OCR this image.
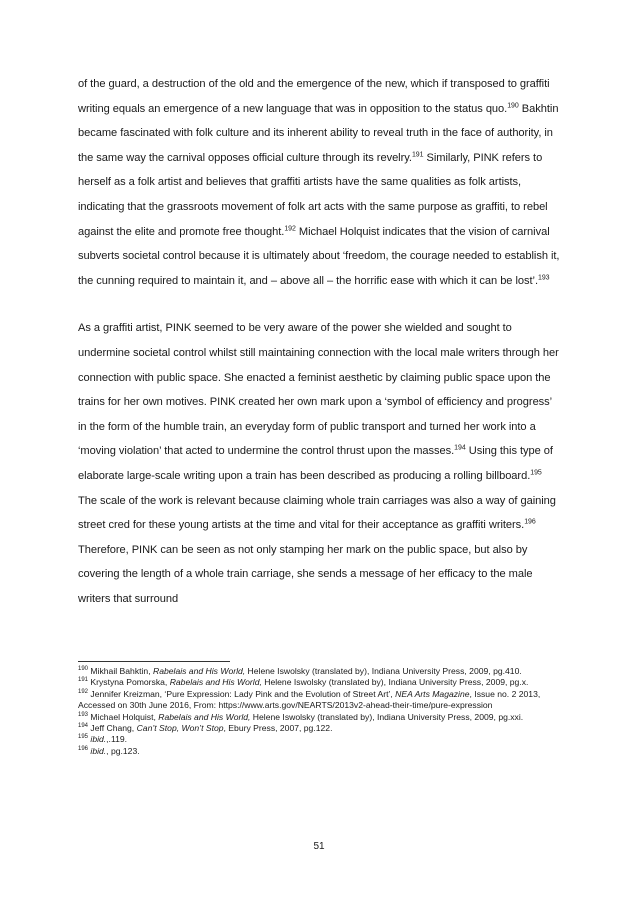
of the guard, a destruction of the old and the emergence of the new, which if transposed to graffiti writing equals an emergence of a new language that was in opposition to the status quo.$^{190}$ Bakhtin became fascinated with folk culture and its inherent ability to reveal truth in the face of authority, in the same way the carnival opposes official culture through its revelry.$^{191}$ Similarly, PINK refers to herself as a folk artist and believes that graffiti artists have the same qualities as folk artists, indicating that the grassroots movement of folk art acts with the same purpose as graffiti, to rebel against the elite and promote free thought.$^{192}$ Michael Holquist indicates that the vision of carnival subverts societal control because it is ultimately about ‘freedom, the courage needed to establish it, the cunning required to maintain it, and – above all – the horrific ease with which it can be lost’.$^{193}$

As a graffiti artist, PINK seemed to be very aware of the power she wielded and sought to undermine societal control whilst still maintaining connection with the local male writers through her connection with public space. She enacted a feminist aesthetic by claiming public space upon the trains for her own motives. PINK created her own mark upon a ‘symbol of efficiency and progress’ in the form of the humble train, an everyday form of public transport and turned her work into a ‘moving violation’ that acted to undermine the control thrust upon the masses.$^{194}$ Using this type of elaborate large-scale writing upon a train has been described as producing a rolling billboard.$^{195}$ The scale of the work is relevant because claiming whole train carriages was also a way of gaining street cred for these young artists at the time and vital for their acceptance as graffiti writers.$^{196}$ Therefore, PINK can be seen as not only stamping her mark on the public space, but also by covering the length of a whole train carriage, she sends a message of her efficacy to the male writers that surround

$^{190}$ Mikhail Bahktin, Rabelais and His World, Helene Iswolsky (translated by), Indiana University Press, 2009, pg.410.

$^{191}$ Krystyna Pomorska, Rabelais and His World, Helene Iswolsky (translated by), Indiana University Press, 2009, pg.x.

$^{192}$ Jennifer Kreizman, ‘Pure Expression: Lady Pink and the Evolution of Street Art’, NEA Arts Magazine, Issue no. 2 2013, Accessed on 30th June 2016, From: https://www.arts.gov/NEARTS/2013v2-ahead-their-time/pure-expression

$^{193}$ Michael Holquist, Rabelais and His World, Helene Iswolsky (translated by), Indiana University Press, 2009, pg.xxi.

$^{194}$ Jeff Chang, Can’t Stop, Won’t Stop, Ebury Press, 2007, pg.122.

$^{195}$ ibid.,.119.

$^{196}$ ibid., pg.123.

51
